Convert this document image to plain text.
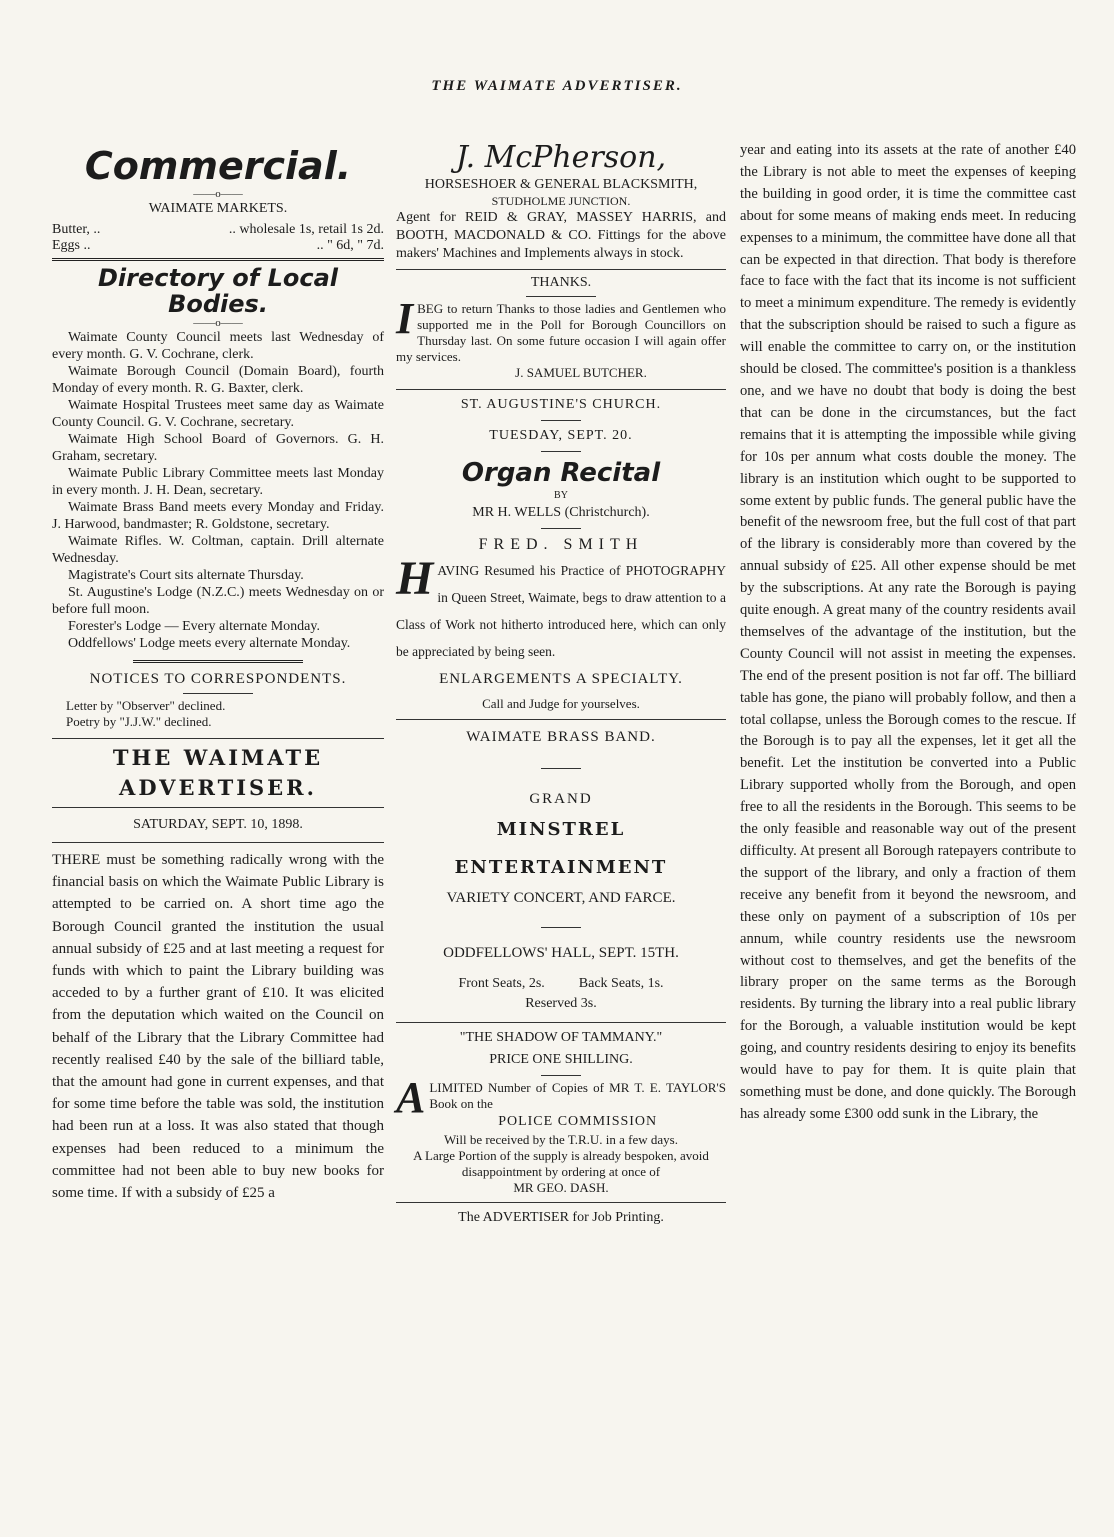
THE WAIMATE ADVERTISER.
Commercial.
——o——
WAIMATE MARKETS.
Butter, ..	.. wholesale 1s, retail 1s 2d.
Eggs ..	.. " 6d, " 7d.
Directory of Local
Bodies.
——o——

Waimate County Council meets last Wednesday of every month. G. V. Cochrane, clerk.

Waimate Borough Council (Domain Board), fourth Monday of every month. R. G. Baxter, clerk.

Waimate Hospital Trustees meet same day as Waimate County Council. G. V. Cochrane, secretary.

Waimate High School Board of Governors. G. H. Graham, secretary.

Waimate Public Library Committee meets last Monday in every month. J. H. Dean, secretary.

Waimate Brass Band meets every Monday and Friday. J. Harwood, bandmaster; R. Goldstone, secretary.

Waimate Rifles. W. Coltman, captain. Drill alternate Wednesday.

Magistrate's Court sits alternate Thursday.

St. Augustine's Lodge (N.Z.C.) meets Wednesday on or before full moon.

Forester's Lodge — Every alternate Monday.

Oddfellows' Lodge meets every alternate Monday.

NOTICES TO CORRESPONDENTS.
Letter by "Observer" declined.
Poetry by "J.J.W." declined.
THE WAIMATE ADVERTISER.
SATURDAY, SEPT. 10, 1898.

THERE must be something radically wrong with the financial basis on which the Waimate Public Library is attempted to be carried on. A short time ago the Borough Council granted the institution the usual annual subsidy of £25 and at last meeting a request for funds with which to paint the Library building was acceded to by a further grant of £10. It was elicited from the deputation which waited on the Council on behalf of the Library that the Library Committee had recently realised £40 by the sale of the billiard table, that the amount had gone in current expenses, and that for some time before the table was sold, the institution had been run at a loss. It was also stated that though expenses had been reduced to a minimum the committee had not been able to buy new books for some time. If with a subsidy of £25 a

J. McPherson,
HORSESHOER & GENERAL BLACKSMITH,
STUDHOLME JUNCTION.

Agent for REID & GRAY, MASSEY HARRIS, and BOOTH, MACDONALD & CO. Fittings for the above makers' Machines and Implements always in stock.

THANKS.
I BEG to return Thanks to those ladies and Gentlemen who supported me in the Poll for Borough Councillors on Thursday last. On some future occasion I will again offer my services.
J. SAMUEL BUTCHER.
ST. AUGUSTINE'S CHURCH.
TUESDAY, SEPT. 20.
Organ Recital
BY
MR H. WELLS (Christchurch).
FRED. SMITH
H AVING Resumed his Practice of PHOTOGRAPHY in Queen Street, Waimate, begs to draw attention to a Class of Work not hitherto introduced here, which can only be appreciated by being seen.
ENLARGEMENTS A SPECIALTY.
Call and Judge for yourselves.
WAIMATE BRASS BAND.
GRAND
MINSTREL ENTERTAINMENT
VARIETY CONCERT, AND FARCE.
ODDFELLOWS' HALL, SEPT. 15TH.
Front Seats, 2s. Back Seats, 1s.
Reserved 3s.
"THE SHADOW OF TAMMANY."
PRICE ONE SHILLING.
A LIMITED Number of Copies of MR T. E. TAYLOR'S Book on the
POLICE COMMISSION
Will be received by the T.R.U. in a few days.
A Large Portion of the supply is already bespoken, avoid disappointment by ordering at once of
MR GEO. DASH.
The ADVERTISER for Job Printing.

year and eating into its assets at the rate of another £40 the Library is not able to meet the expenses of keeping the building in good order, it is time the committee cast about for some means of making ends meet. In reducing expenses to a minimum, the committee have done all that can be expected in that direction. That body is therefore face to face with the fact that its income is not sufficient to meet a minimum expenditure. The remedy is evidently that the subscription should be raised to such a figure as will enable the committee to carry on, or the institution should be closed. The committee's position is a thankless one, and we have no doubt that body is doing the best that can be done in the circumstances, but the fact remains that it is attempting the impossible while giving for 10s per annum what costs double the money. The library is an institution which ought to be supported to some extent by public funds. The general public have the benefit of the newsroom free, but the full cost of that part of the library is considerably more than covered by the annual subsidy of £25. All other expense should be met by the subscriptions. At any rate the Borough is paying quite enough. A great many of the country residents avail themselves of the advantage of the institution, but the County Council will not assist in meeting the expenses. The end of the present position is not far off. The billiard table has gone, the piano will probably follow, and then a total collapse, unless the Borough comes to the rescue. If the Borough is to pay all the expenses, let it get all the benefit. Let the institution be converted into a Public Library supported wholly from the Borough, and open free to all the residents in the Borough. This seems to be the only feasible and reasonable way out of the present difficulty. At present all Borough ratepayers contribute to the support of the library, and only a fraction of them receive any benefit from it beyond the newsroom, and these only on payment of a subscription of 10s per annum, while country residents use the newsroom without cost to themselves, and get the benefits of the library proper on the same terms as the Borough residents. By turning the library into a real public library for the Borough, a valuable institution would be kept going, and country residents desiring to enjoy its benefits would have to pay for them. It is quite plain that something must be done, and done quickly. The Borough has already some £300 odd sunk in the Library, the
